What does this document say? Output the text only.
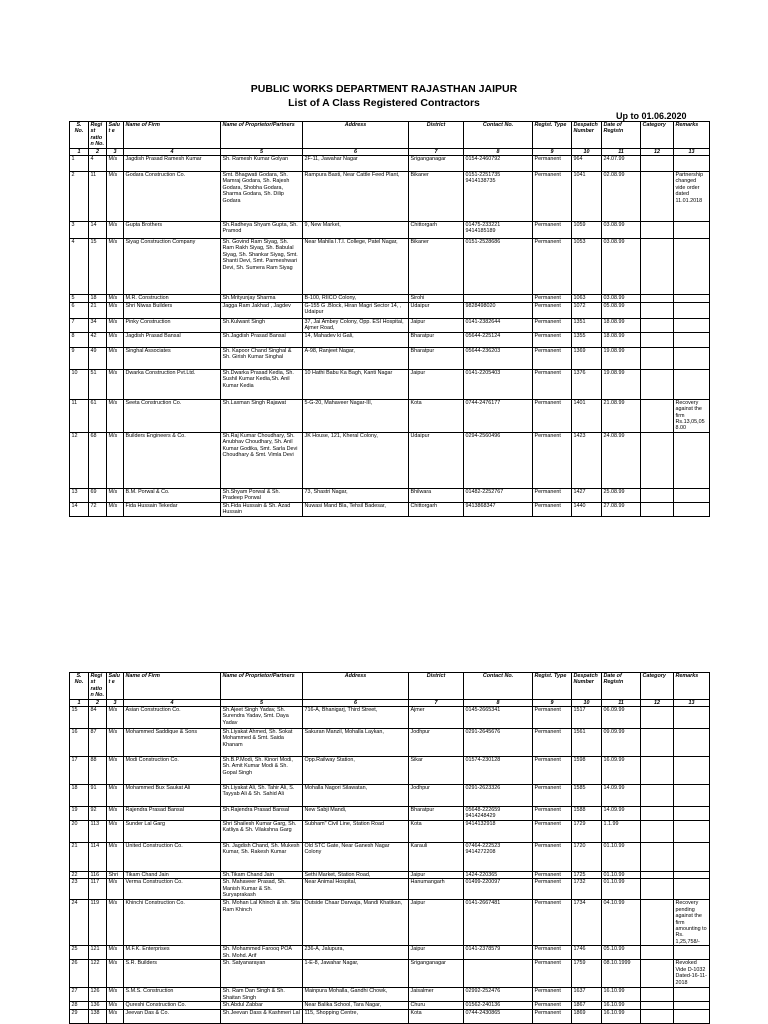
PUBLIC WORKS DEPARTMENT RAJASTHAN JAIPUR
List of A Class Registered Contractors
Up to 01.06.2020
S. No.	Regist ration No.	Salut e	Name of Firm	Name of Proprietor/Partners	Address	District	Contact No.	Regist. Type	Despatch Number	Date of Registn	Category	Remarks
1	2	3	4	5	6	7	8	9	10	11	12	13
1	4	M/s	Jagdish Prasad Ramesh Kumar	Sh. Ramesh Kumar Golyan	2F-11, Jawahar Nagar	Sriganganagar	0154-2460792	Permanent	964	24.07.99		
2	11	M/s	Godara Construction Co.	Smt. Bhagwati Godara, Sh. Mamraj Godara, Sh. Rajesh Godara, Shobha Godara, Sharma Godara, Sh. Dilip Godara	Rampura Basti, Near Cattle Feed Plant,	Bikaner	0151-2251735 9414138735	Permanent	1041	02.08.99		Partnership changed vide order dated 11.01.2018
3	14	M/s	Gupta Brothers	Sh.Radheya Shyam Gupta, Sh. Pramod	9, New Market,	Chittorgarh	01475-233221 9414185189	Permanent	1059	03.08.99		
4	15	M/s	Siyag Construction Company	Sh. Govind Ram Siyag, Sh. Ram Rakh Siyag, Sh. Babulal Siyag, Sh. Shankar Siyag, Smt. Shanti Devi, Smt. Parmeshwari Devi, Sh. Sumera Ram Siyag	Near Mahila I.T.I. College, Patel Nagar,	Bikaner	0151-2528686	Permanent	1053	03.08.99		
5	18	M/s	M.R. Construction	Sh.Mrityunjay Sharma	B-100, RIICO Colony,	Sirohi		Permanent	1063	03.08.99		
6	21	M/s	Shri Niwas Builders	Jagga Ram Jakhad , Jagdev	G-155 G .Block, Hiran Magri Sector 14, , Udaipur	Udaipur	9828498020	Permanent	1072	05.08.99		
7	34	M/s	Pinky Construction	Sh.Kulwant Singh	37, Jai Ambey Colony, Opp. ESI Hospital, Ajmer Road,	Jaipur	0141-2382644	Permanent	1351	18.08.99		
8	42	M/s	Jagdish Prasad Bansal	Sh.Jagdish Prasad Bansal	14, Mahadev ki Gali,	Bharatpur	05644-225124	Permanent	1355	18.08.99		
9	49	M/s	Singhal Associates	Sh. Kapoor Chand Singhal & Sh. Girish Kumar Singhal	A-98, Ranjeet Nagar,	Bharatpur	05644-236203	Permanent	1369	19.08.99		
10	51	M/s	Dwarka Construction Pvt.Ltd.	Sh.Dwarka Prasad Kedia, Sh. Sushil Kumar Kedia,Sh. Anil Kumar Kedia	10 Hathi Babu Ka Bagh, Kanti Nagar	Jaipur	0141-2205403	Permanent	1376	19.08.99		
11	61	M/s	Seeta Construction Co.	Sh.Laxman Singh Rajawat	5-G-20, Mahaveer Nagar-III,	Kota	0744-2476177	Permanent	1401	21.08.99		Recovery against the firm Rs.13,05,058.00
12	68	M/s	Builders Engineers & Co.	Sh.Raj Kumar Choudhary, Sh. Anubhav Choudhary, Sh. Anil Kumar Godika, Smt. Sarla Devi Choudhary & Smt. Vimla Devi	JK House, 121, Kheral Colony,	Udaipur	0294-2560496	Permanent	1423	24.08.99		
13	69	M/s	B.M. Porwal & Co.	Sh.Shyam Porwal & Sh. Pradeep Porwal	73, Shastri Nagar,	Bhilwara	01482-2252767	Permanent	1427	25.08.99		
14	72	M/s	Fida Hussain Tekedar	Sh.Fida Hussain & Sh. Azad Hussain	Nuwasi Mand Bla, Tehsil Badesar,	Chittorgarh	9413868347	Permanent	1440	27.08.99		
S. No.	Regist ration No.	Salut e	Name of Firm	Name of Proprietor/Partners	Address	District	Contact No.	Regist. Type	Despatch Number	Date of Registn	Category	Remarks
1	2	3	4	5	6	7	8	9	10	11	12	13
15	84	M/s	Asian Construction Co.	Sh.Ajeet Singh Yadav, Sh. Surendra Yadav, Smt. Daya Yadav	716-A, Bhanigarj, Third Street,	Ajmer	0145-2665341	Permanent	1517	06.09.99		
16	87	M/s	Mohammed Saddique & Sons	Sh.Liyakat Ahmed, Sh. Sokat Mohammed & Smt. Saida Khanam	Sakuran Manzil, Mohalla Laykan,	Jodhpur	0291-2645676	Permanent	1561	09.09.99		
17	88	M/s	Modi Construction Co.	Sh.B.P.Modi, Sh. Kinori Modi, Sh. Amit Kumar Modi & Sh. Gopal Singh	Opp.Railway Station,	Sikar	01574-230128	Permanent	1598	16.09.99		
18	91	M/s	Mohammed Bux Saukat Ali	Sh.Liyakat Ali, Sh. Tahir Ali, S. Tayyab Ali & Sh. Sahid Ali	Mohalla Nagori Silawatan,	Jodhpur	0291-2623326	Permanent	1585	14.09.99		
19	92	M/s	Rajendra Prasad Bansal	Sh.Rajendra Prasad Bansal	New Sabji Mandi,	Bharatpur	05648-222659 9414248429	Permanent	1588	14.09.99		
20	113	M/s	Sunder Lal Garg	Shri Shailesh Kumar Garg, Sh. Katliya & Sh. Vilakshna Garg	Subham" Civil Line, Station Road	Kota	9414132918	Permanent	1729	1.1.99		
21	114	M/s	United Construction Co.	Sh. Jagdish Chand, Sh. Mukesh Kumar, Sh. Rakesh Kumar	Old STC Gate, Near Ganesh Nagar Colony	Karauli	07464-222523 9414272208	Permanent	1720	01.10.99		
22	116	Shri	Tikam Chand Jain	Sh.Tikam Chand Jain	Sethi Market, Station Road,	Jaipur	1424-220365	Permanent	1725	01.10.99		
23	117	M/s	Verma Construction Co.	Sh. Mahaveer Prasad, Sh. Manish Kumar & Sh. Suryaprakash	Near Animal Hospital,	Hanumangarh	01499-220097	Permanent	1732	01.10.99		
24	119	M/s	Khinchi Construction Co.	Sh. Mohan Lal Khinch & sh. Sita Ram Khinch	Outside Chaar Darwaja, Mandi Khatikan,	Jaipur	0141-2667481	Permanent	1734	04.10.99		Recovery pending against the firm amounting to Rs. 1,25,758/-
25	121	M/s	M.F.K. Enterprises	Sh. Mohammed Farooq POA Sh. Mohd. Arif	236-A, Jalupura,	Jaipur	0141-2378579	Permanent	1746	05.10.99		
26	122	M/s	S.R. Builders	Sh. Satyanarayan	1-E-8, Jawahar Nagar,	Sriganganagar		Permanent	1759	08.10.1999		Revoked Vide D-1032 Dated-16-11-2018
27	126	M/s	S.M.S. Construction	Sh. Ram Dan Singh & Sh. Shaitan Singh	Mainpura Mohalla, Gandhi Chowk,	Jaisalmer	02992-252476	Permanent	1637	16.10.99		
28	136	M/s	Qureshi Construction Co.	Sh.Abdul Zabbar	Near Balika School, Tara Nagar,	Churu	01562-240136	Permanent	1867	16.10.99		
29	138	M/s	Jeevan Das & Co.	Sh.Jeevan Dass & Kashmeri Lal	115, Shopping Centre,	Kota	0744-2430865	Permanent	1869	16.10.99		
